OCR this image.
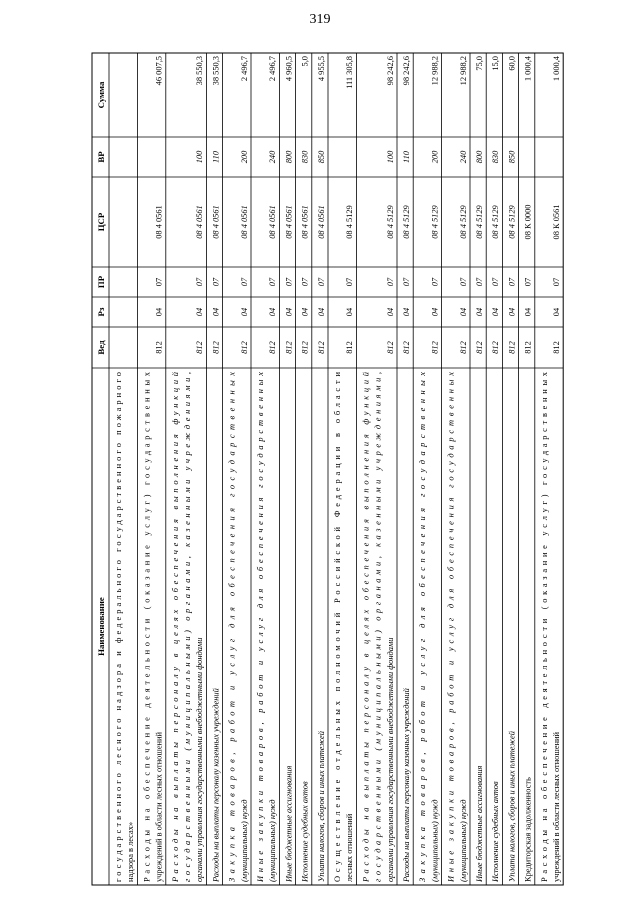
319
Наименование
Вед
Рз
ПР
ЦСР
ВР
Сумма
государственного лесного надзора и федерального государственного пожарного
надзора в лесах» Расходы на обеспечение деятельности (оказание услуг) государственных
учреждений в области лесных отношений
812
04
07
08 4 0561
46 007,5
Расходы на выплаты персоналу в целях обеспечения выполнения функций
государственными (муниципальными) органами, казенными учреждениями,
органами управления государственными внебюджетными фондами
812
04
07
08 4 0561
100
38 550,3
Расходы на выплаты персоналу казенных учреждений
812
04
07
08 4 0561
110
38 550,3
Закупка товаров, работ и услуг для обеспечения государственных
(муниципальных) нужд
812
04
07
08 4 0561
200
2 496,7
Иные закупки товаров, работ и услуг для обеспечения государственных
(муниципальных) нужд
812
04
07
08 4 0561
240
2 496,7
Иные бюджетные ассигнования
812
04
07
08 4 0561
800
4 960,5
Исполнение судебных актов
812
04
07
08 4 0561
830
5,0
Уплата налогов, сборов и иных платежей
812
04
07
08 4 0561
850
4 955,5
Осуществление отдельных полномочий Российской Федерации в области
лесных отношений
812
04
07
08 4 5129
111 305,8
Расходы на выплаты персоналу в целях обеспечения выполнения функций
государственными (муниципальными) органами, казенными учреждениями,
органами управления государственными внебюджетными фондами
812
04
07
08 4 5129
100
98 242,6
Расходы на выплаты персоналу казенных учреждений
812
04
07
08 4 5129
110
98 242,6
Закупка товаров, работ и услуг для обеспечения государственных
(муниципальных) нужд
812
04
07
08 4 5129
200
12 988,2
Иные закупки товаров, работ и услуг для обеспечения государственных
(муниципальных) нужд
812
04
07
08 4 5129
240
12 988,2
Иные бюджетные ассигнования
812
04
07
08 4 5129
800
75,0
Исполнение судебных актов
812
04
07
08 4 5129
830
15,0
Уплата налогов, сборов и иных платежей
812
04
07
08 4 5129
850
60,0
Кредиторская задолженность
812
04
07
08 К 0000
1 000,4
Расходы на обеспечение деятельности (оказание услуг) государственных
учреждений в области лесных отношений
812
04
07
08 К 0561
1 000,4
